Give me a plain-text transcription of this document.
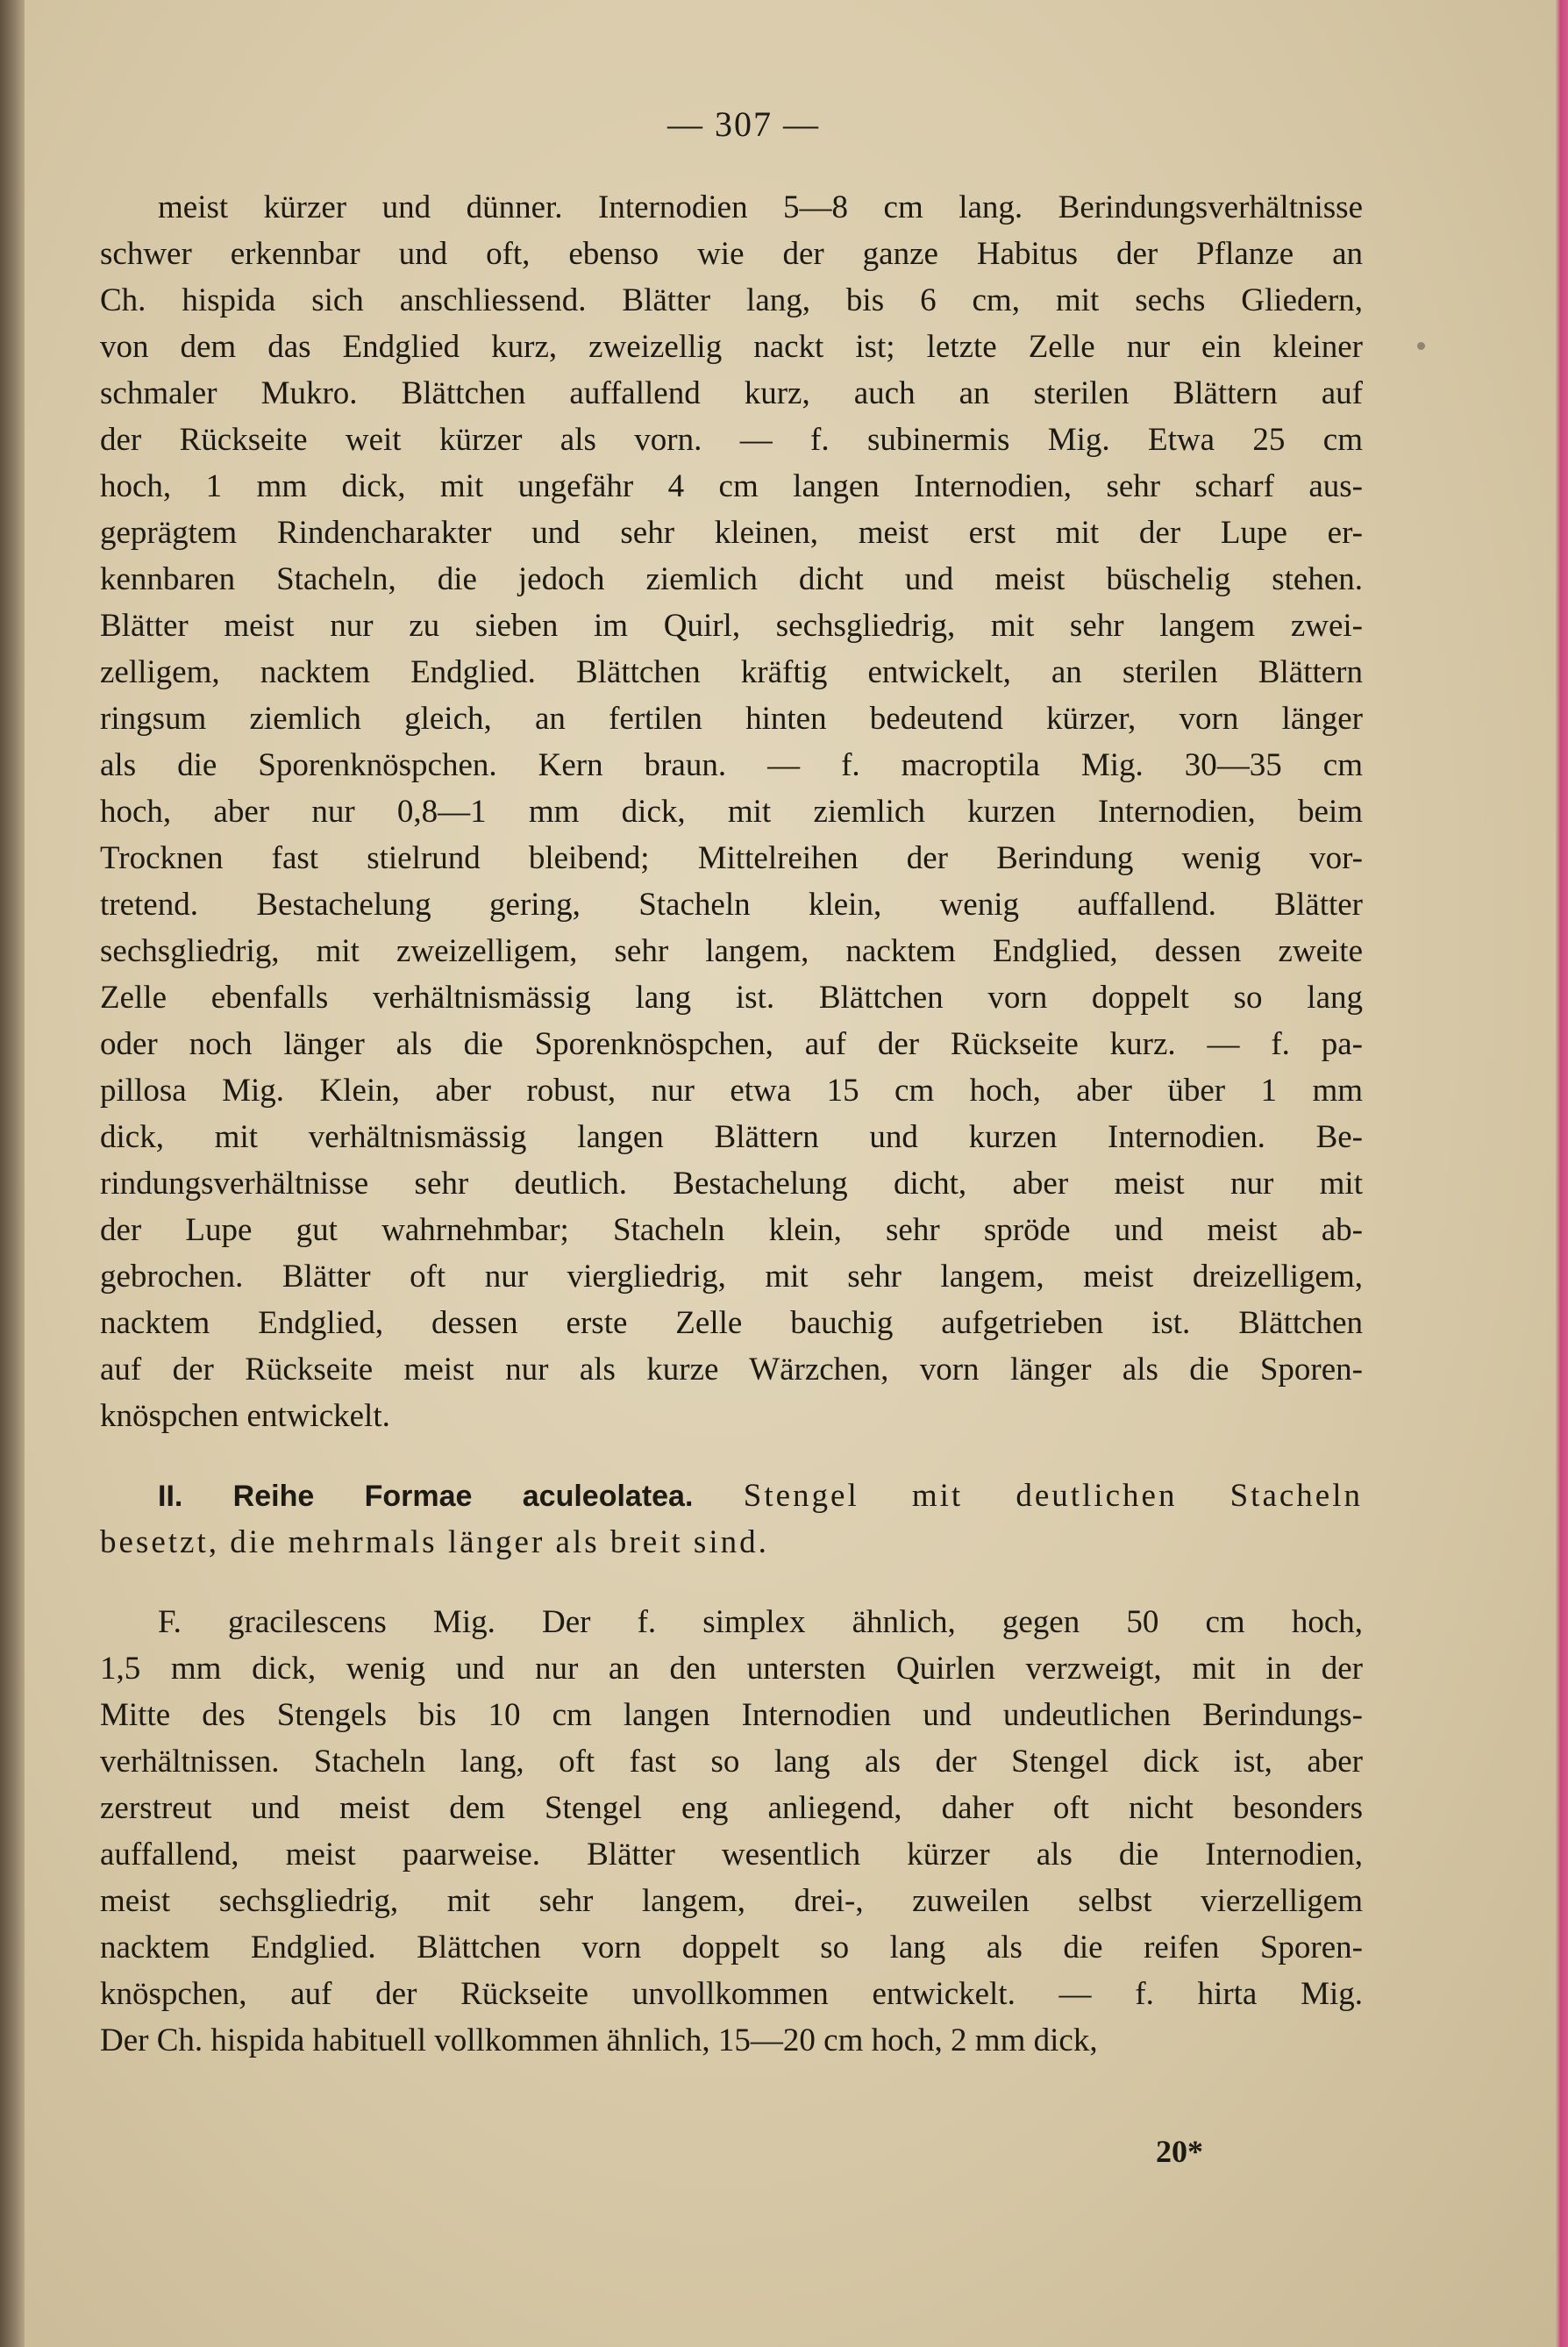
— 307 —
meist kürzer und dünner. Internodien 5—8 cm lang. Berindungsverhältnisse
schwer erkennbar und oft, ebenso wie der ganze Habitus der Pflanze an
Ch. hispida sich anschliessend. Blätter lang, bis 6 cm, mit sechs Gliedern,
von dem das Endglied kurz, zweizellig nackt ist; letzte Zelle nur ein kleiner
schmaler Mukro. Blättchen auffallend kurz, auch an sterilen Blättern auf
der Rückseite weit kürzer als vorn. — f. subinermis Mig. Etwa 25 cm
hoch, 1 mm dick, mit ungefähr 4 cm langen Internodien, sehr scharf aus-
geprägtem Rindencharakter und sehr kleinen, meist erst mit der Lupe er-
kennbaren Stacheln, die jedoch ziemlich dicht und meist büschelig stehen.
Blätter meist nur zu sieben im Quirl, sechsgliedrig, mit sehr langem zwei-
zelligem, nacktem Endglied. Blättchen kräftig entwickelt, an sterilen Blättern
ringsum ziemlich gleich, an fertilen hinten bedeutend kürzer, vorn länger
als die Sporenknöspchen. Kern braun. — f. macroptila Mig. 30—35 cm
hoch, aber nur 0,8—1 mm dick, mit ziemlich kurzen Internodien, beim
Trocknen fast stielrund bleibend; Mittelreihen der Berindung wenig vor-
tretend. Bestachelung gering, Stacheln klein, wenig auffallend. Blätter
sechsgliedrig, mit zweizelligem, sehr langem, nacktem Endglied, dessen zweite
Zelle ebenfalls verhältnismässig lang ist. Blättchen vorn doppelt so lang
oder noch länger als die Sporenknöspchen, auf der Rückseite kurz. — f. pa-
pillosa Mig. Klein, aber robust, nur etwa 15 cm hoch, aber über 1 mm
dick, mit verhältnismässig langen Blättern und kurzen Internodien. Be-
rindungsverhältnisse sehr deutlich. Bestachelung dicht, aber meist nur mit
der Lupe gut wahrnehmbar; Stacheln klein, sehr spröde und meist ab-
gebrochen. Blätter oft nur viergliedrig, mit sehr langem, meist dreizelligem,
nacktem Endglied, dessen erste Zelle bauchig aufgetrieben ist. Blättchen
auf der Rückseite meist nur als kurze Wärzchen, vorn länger als die Sporen-
knöspchen entwickelt.
II. Reihe Formae aculeolatea. Stengel mit deutlichen Stacheln
besetzt, die mehrmals länger als breit sind.
F. gracilescens Mig. Der f. simplex ähnlich, gegen 50 cm hoch,
1,5 mm dick, wenig und nur an den untersten Quirlen verzweigt, mit in der
Mitte des Stengels bis 10 cm langen Internodien und undeutlichen Berindungs-
verhältnissen. Stacheln lang, oft fast so lang als der Stengel dick ist, aber
zerstreut und meist dem Stengel eng anliegend, daher oft nicht besonders
auffallend, meist paarweise. Blätter wesentlich kürzer als die Internodien,
meist sechsgliedrig, mit sehr langem, drei-, zuweilen selbst vierzelligem
nacktem Endglied. Blättchen vorn doppelt so lang als die reifen Sporen-
knöspchen, auf der Rückseite unvollkommen entwickelt. — f. hirta Mig.
Der Ch. hispida habituell vollkommen ähnlich, 15—20 cm hoch, 2 mm dick,
20*
